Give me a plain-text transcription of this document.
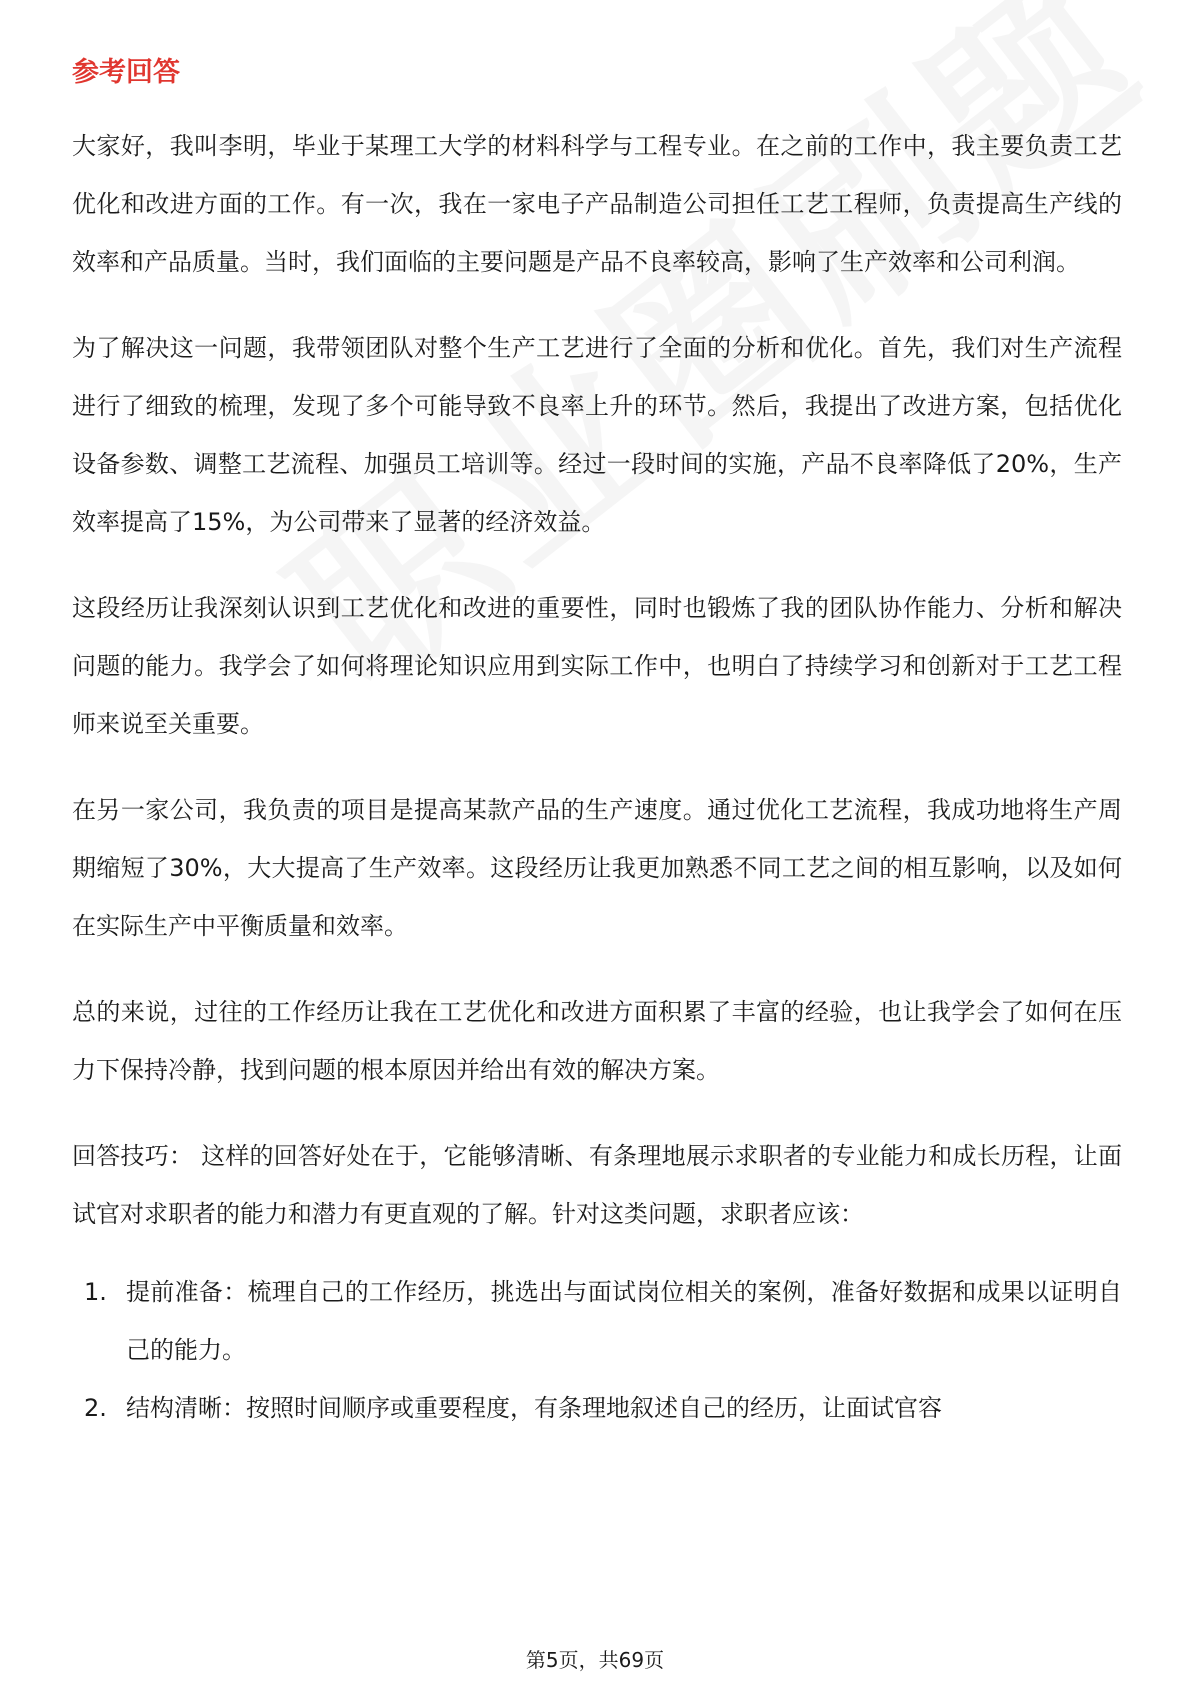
参考回答

大家好，我叫李明，毕业于某理工大学的材料科学与工程专业。在之前的工作中，我主要负责工艺优化和改进方面的工作。有一次，我在一家电子产品制造公司担任工艺工程师，负责提高生产线的效率和产品质量。当时，我们面临的主要问题是产品不良率较高，影响了生产效率和公司利润。

为了解决这一问题，我带领团队对整个生产工艺进行了全面的分析和优化。首先，我们对生产流程进行了细致的梳理，发现了多个可能导致不良率上升的环节。然后，我提出了改进方案，包括优化设备参数、调整工艺流程、加强员工培训等。经过一段时间的实施，产品不良率降低了20%，生产效率提高了15%，为公司带来了显著的经济效益。

这段经历让我深刻认识到工艺优化和改进的重要性，同时也锻炼了我的团队协作能力、分析和解决问题的能力。我学会了如何将理论知识应用到实际工作中，也明白了持续学习和创新对于工艺工程师来说至关重要。

在另一家公司，我负责的项目是提高某款产品的生产速度。通过优化工艺流程，我成功地将生产周期缩短了30%，大大提高了生产效率。这段经历让我更加熟悉不同工艺之间的相互影响，以及如何在实际生产中平衡质量和效率。

总的来说，过往的工作经历让我在工艺优化和改进方面积累了丰富的经验，也让我学会了如何在压力下保持冷静，找到问题的根本原因并给出有效的解决方案。

回答技巧： 这样的回答好处在于，它能够清晰、有条理地展示求职者的专业能力和成长历程，让面试官对求职者的能力和潜力有更直观的了解。针对这类问题，求职者应该：

1. 提前准备：梳理自己的工作经历，挑选出与面试岗位相关的案例，准备好数据和成果以证明自己的能力。
2. 结构清晰：按照时间顺序或重要程度，有条理地叙述自己的经历，让面试官容
第5页，共69页
